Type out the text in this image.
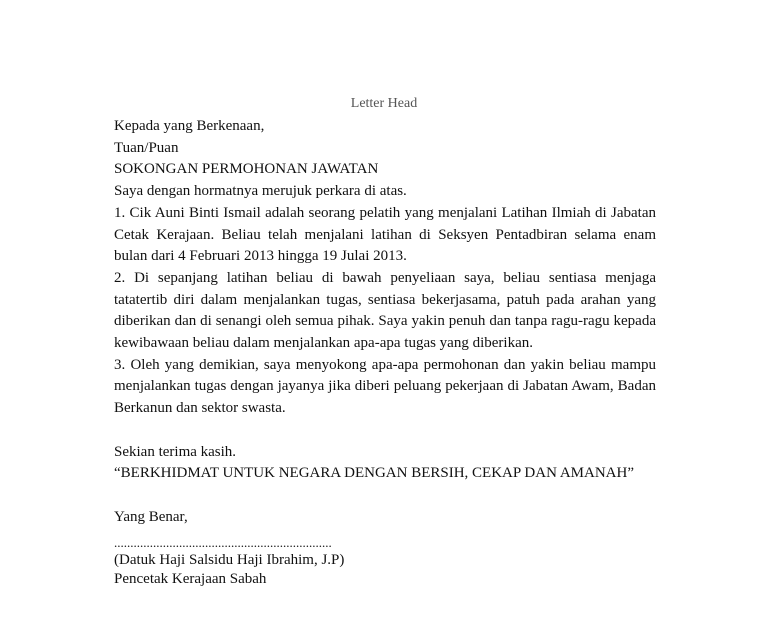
Letter Head

Kepada yang Berkenaan,

Tuan/Puan

SOKONGAN PERMOHONAN JAWATAN

Saya dengan hormatnya merujuk perkara di atas.

1. Cik Auni Binti Ismail adalah seorang pelatih yang menjalani Latihan Ilmiah di Jabatan Cetak Kerajaan. Beliau telah menjalani latihan di Seksyen Pentadbiran selama enam bulan dari 4 Februari 2013 hingga 19 Julai 2013.

2. Di sepanjang latihan beliau di bawah penyeliaan saya, beliau sentiasa menjaga tatatertib diri dalam menjalankan tugas, sentiasa bekerjasama, patuh pada arahan yang diberikan dan di senangi oleh semua pihak. Saya yakin penuh dan tanpa ragu-ragu kepada kewibawaan beliau dalam menjalankan apa-apa tugas yang diberikan.

3. Oleh yang demikian, saya menyokong apa-apa permohonan dan yakin beliau mampu menjalankan tugas dengan jayanya jika diberi peluang pekerjaan di Jabatan Awam, Badan Berkanun dan sektor swasta.

Sekian terima kasih.

“BERKHIDMAT UNTUK NEGARA DENGAN BERSIH, CEKAP DAN AMANAH”

Yang Benar,

...................................................................

(Datuk Haji Salsidu Haji Ibrahim, J.P)

Pencetak Kerajaan Sabah
